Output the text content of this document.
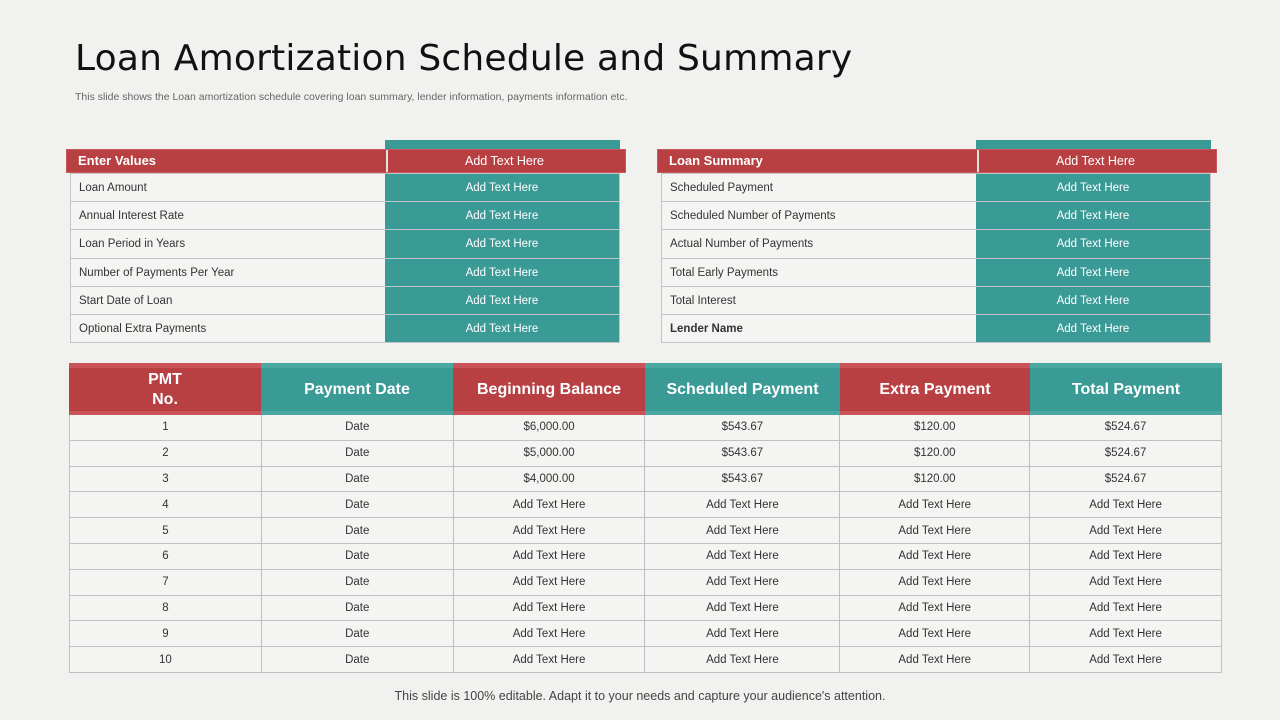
Loan Amortization Schedule and Summary
This slide shows the Loan amortization schedule covering loan summary, lender information, payments information etc.
Enter Values	Add Text Here
Loan Amount	Add Text Here
Annual Interest Rate	Add Text Here
Loan Period in Years	Add Text Here
Number of Payments Per Year	Add Text Here
Start Date of Loan	Add Text Here
Optional Extra Payments	Add Text Here
Loan Summary	Add Text Here
Scheduled Payment	Add Text Here
Scheduled Number of Payments	Add Text Here
Actual Number of Payments	Add Text Here
Total Early Payments	Add Text Here
Total Interest	Add Text Here
Lender Name	Add Text Here
PMT
No.
Payment Date	Beginning Balance	Scheduled Payment	Extra Payment	Total Payment
1	Date	$6,000.00	$543.67	$120.00	$524.67
2	Date	$5,000.00	$543.67	$120.00	$524.67
3	Date	$4,000.00	$543.67	$120.00	$524.67
4	Date	Add Text Here	Add Text Here	Add Text Here	Add Text Here
5	Date	Add Text Here	Add Text Here	Add Text Here	Add Text Here
6	Date	Add Text Here	Add Text Here	Add Text Here	Add Text Here
7	Date	Add Text Here	Add Text Here	Add Text Here	Add Text Here
8	Date	Add Text Here	Add Text Here	Add Text Here	Add Text Here
9	Date	Add Text Here	Add Text Here	Add Text Here	Add Text Here
10	Date	Add Text Here	Add Text Here	Add Text Here	Add Text Here
This slide is 100% editable. Adapt it to your needs and capture your audience's attention.
